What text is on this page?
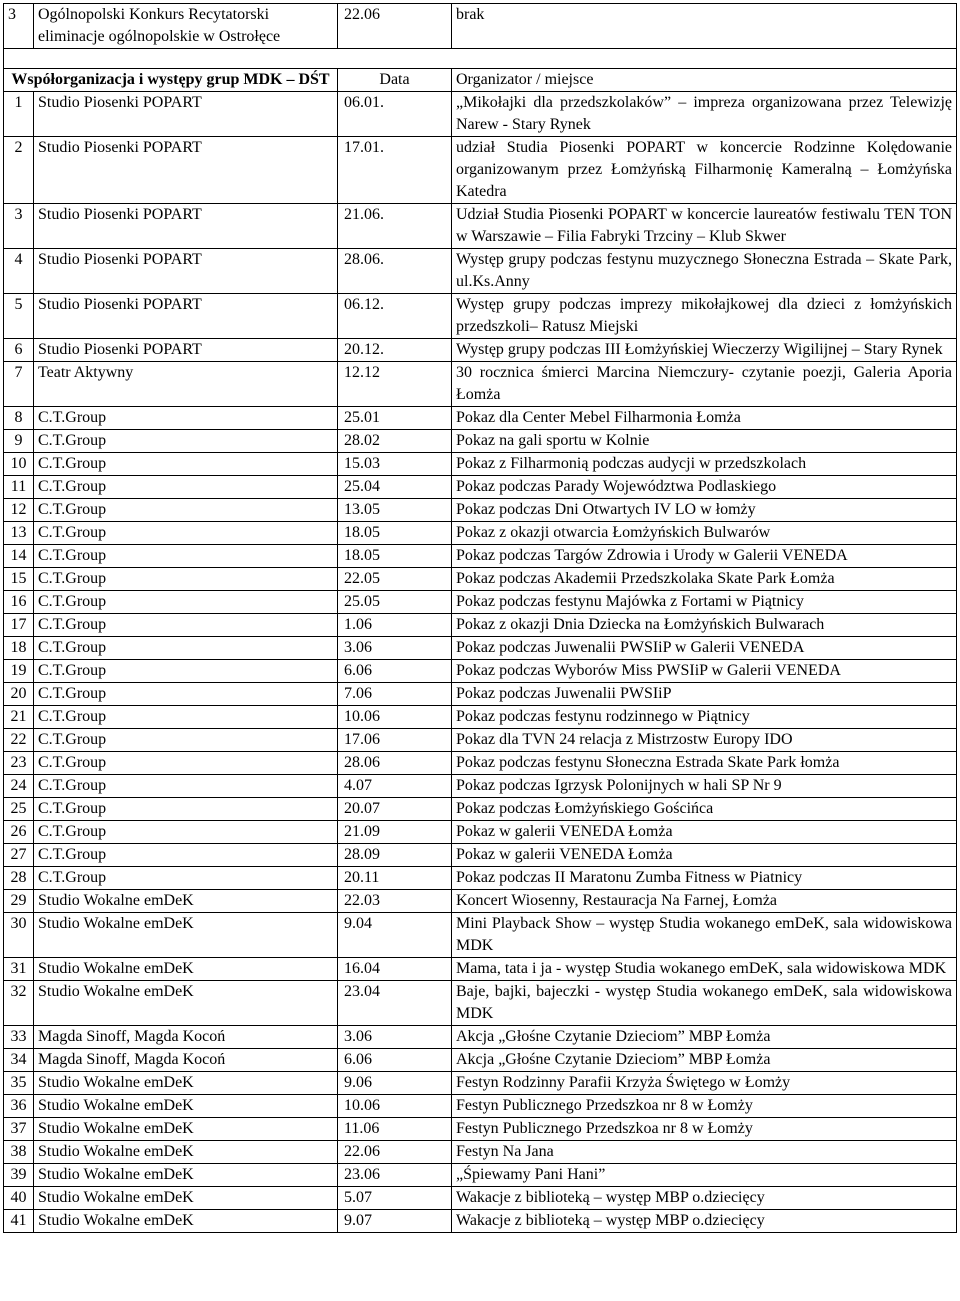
3	Ogólnopolski Konkurs Recytatorski eliminacje ogólnopolskie w Ostrołęce	22.06	brak

Współorganizacja i występy grup MDK – DŚT		Data	Organizator / miejsce
1	Studio Piosenki POPART	06.01.	„Mikołajki dla przedszkolaków” – impreza organizowana przez Telewizję Narew - Stary Rynek
2	Studio Piosenki POPART	17.01.	udział Studia Piosenki POPART w koncercie Rodzinne Kolędowanie organizowanym przez Łomżyńską Filharmonię Kameralną – Łomżyńska Katedra
3	Studio Piosenki POPART	21.06.	Udział Studia Piosenki POPART w koncercie laureatów festiwalu TEN TON w Warszawie – Filia Fabryki Trzciny – Klub Skwer
4	Studio Piosenki POPART	28.06.	Występ grupy podczas festynu muzycznego Słoneczna Estrada – Skate Park, ul.Ks.Anny
5	Studio Piosenki POPART	06.12.	Występ grupy podczas imprezy mikołajkowej dla dzieci z łomżyńskich przedszkoli– Ratusz Miejski
6	Studio Piosenki POPART	20.12.	Występ grupy podczas III Łomżyńskiej Wieczerzy Wigilijnej – Stary Rynek
7	Teatr Aktywny	12.12	30 rocznica śmierci Marcina Niemczury- czytanie poezji, Galeria Aporia Łomża
8	C.T.Group	25.01	Pokaz dla Center Mebel Filharmonia Łomża
9	C.T.Group	28.02	Pokaz na gali sportu w Kolnie
10	C.T.Group	15.03	Pokaz z Filharmonią podczas audycji w przedszkolach
11	C.T.Group	25.04	Pokaz podczas Parady Województwa Podlaskiego
12	C.T.Group	13.05	Pokaz podczas Dni Otwartych IV LO w łomży
13	C.T.Group	18.05	Pokaz z okazji otwarcia Łomżyńskich Bulwarów
14	C.T.Group	18.05	Pokaz podczas Targów Zdrowia i Urody w Galerii VENEDA
15	C.T.Group	22.05	Pokaz podczas Akademii Przedszkolaka Skate Park Łomża
16	C.T.Group	25.05	Pokaz podczas festynu Majówka z Fortami w Piątnicy
17	C.T.Group	1.06	Pokaz z okazji Dnia Dziecka na Łomżyńskich Bulwarach
18	C.T.Group	3.06	Pokaz podczas Juwenalii PWSIiP w Galerii VENEDA
19	C.T.Group	6.06	Pokaz podczas Wyborów Miss PWSIiP w Galerii VENEDA
20	C.T.Group	7.06	Pokaz podczas Juwenalii PWSIiP
21	C.T.Group	10.06	Pokaz podczas festynu rodzinnego w Piątnicy
22	C.T.Group	17.06	Pokaz dla TVN 24 relacja z Mistrzostw Europy IDO
23	C.T.Group	28.06	Pokaz podczas festynu Słoneczna Estrada Skate Park łomża
24	C.T.Group	4.07	Pokaz podczas Igrzysk Polonijnych w hali SP Nr 9
25	C.T.Group	20.07	Pokaz podczas Łomżyńskiego Gościńca
26	C.T.Group	21.09	Pokaz w galerii VENEDA Łomża
27	C.T.Group	28.09	Pokaz w galerii VENEDA Łomża
28	C.T.Group	20.11	Pokaz podczas II Maratonu Zumba Fitness w Piatnicy
29	Studio Wokalne emDeK	22.03	Koncert Wiosenny, Restauracja Na Farnej, Łomża
30	Studio Wokalne emDeK	9.04	Mini Playback Show – występ Studia wokanego emDeK, sala widowiskowa MDK
31	Studio Wokalne emDeK	16.04	Mama, tata i ja - występ Studia wokanego emDeK, sala widowiskowa MDK
32	Studio Wokalne emDeK	23.04	Baje, bajki, bajeczki - występ Studia wokanego emDeK, sala widowiskowa MDK
33	Magda Sinoff, Magda Kocoń	3.06	Akcja „Głośne Czytanie Dzieciom” MBP Łomża
34	Magda Sinoff, Magda Kocoń	6.06	Akcja „Głośne Czytanie Dzieciom” MBP Łomża
35	Studio Wokalne emDeK	9.06	Festyn Rodzinny Parafii Krzyża Świętego w Łomży
36	Studio Wokalne emDeK	10.06	Festyn Publicznego Przedszkoa nr 8 w Łomży
37	Studio Wokalne emDeK	11.06	Festyn Publicznego Przedszkoa nr 8 w Łomży
38	Studio Wokalne emDeK	22.06	Festyn Na Jana
39	Studio Wokalne emDeK	23.06	„Śpiewamy Pani Hani”
40	Studio Wokalne emDeK	5.07	Wakacje z biblioteką – występ MBP o.dziecięcy
41	Studio Wokalne emDeK	9.07	Wakacje z biblioteką – występ MBP o.dziecięcy
